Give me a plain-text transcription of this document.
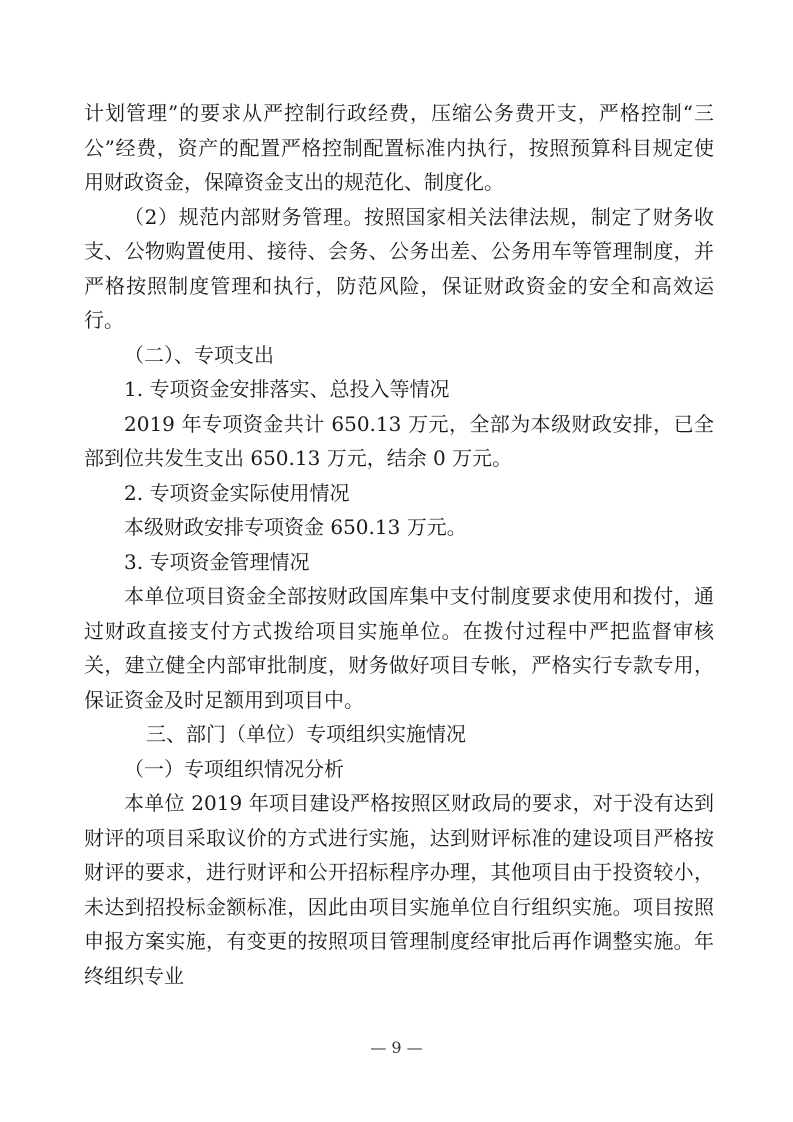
计划管理”的要求从严控制行政经费，压缩公务费开支，严格控制“三公”经费，资产的配置严格控制配置标准内执行，按照预算科目规定使用财政资金，保障资金支出的规范化、制度化。

（2）规范内部财务管理。按照国家相关法律法规，制定了财务收支、公物购置使用、接待、会务、公务出差、公务用车等管理制度，并严格按照制度管理和执行，防范风险，保证财政资金的安全和高效运行。

（二）、专项支出

1. 专项资金安排落实、总投入等情况

2019 年专项资金共计 650.13 万元，全部为本级财政安排，已全部到位共发生支出 650.13 万元，结余 0 万元。

2. 专项资金实际使用情况

本级财政安排专项资金 650.13 万元。

3. 专项资金管理情况

本单位项目资金全部按财政国库集中支付制度要求使用和拨付，通过财政直接支付方式拨给项目实施单位。在拨付过程中严把监督审核关，建立健全内部审批制度，财务做好项目专帐，严格实行专款专用，保证资金及时足额用到项目中。

三、部门（单位）专项组织实施情况

（一）专项组织情况分析

本单位 2019 年项目建设严格按照区财政局的要求，对于没有达到财评的项目采取议价的方式进行实施，达到财评标准的建设项目严格按财评的要求，进行财评和公开招标程序办理，其他项目由于投资较小，未达到招投标金额标准，因此由项目实施单位自行组织实施。项目按照申报方案实施，有变更的按照项目管理制度经审批后再作调整实施。年终组织专业

— 9 —
